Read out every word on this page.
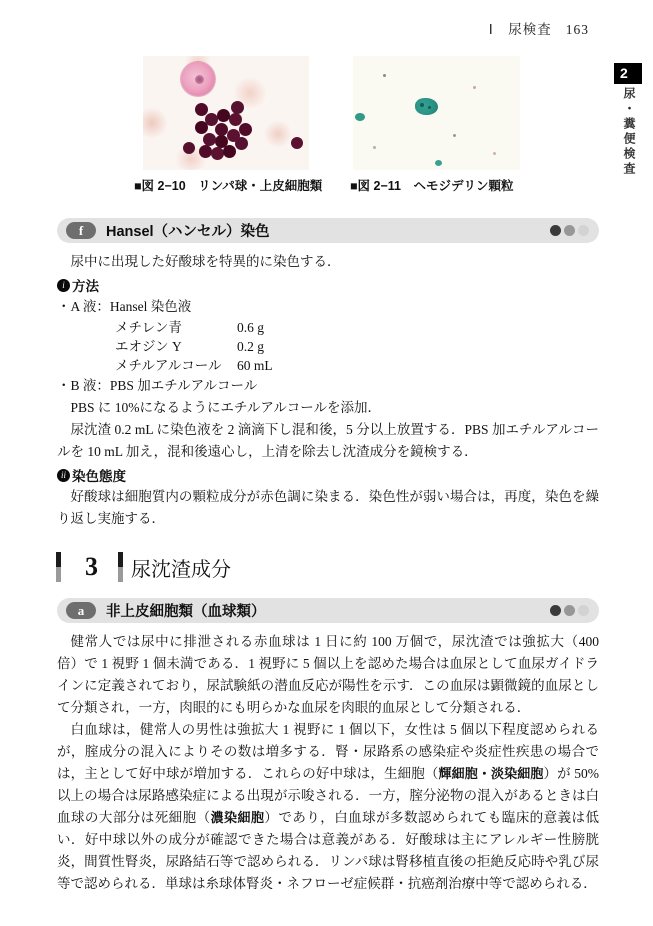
Ⅰ　尿検査 163
2
尿・糞便検査
■図 2−10　リンパ球・上皮細胞類 ■図 2−11　ヘモジデリン顆粒
f	Hansel（ハンセル）染色

尿中に出現した好酸球を特異的に染色する．

i 方法
・A 液：Hansel 染色液
メチレン青	0.6 g
エオジン Y	0.2 g
メチルアルコール	60 mL
・B 液：PBS 加エチルアルコール

PBS に 10%になるようにエチルアルコールを添加．

尿沈渣 0.2 mL に染色液を 2 滴滴下し混和後，5 分以上放置する．PBS 加エチルアルコールを 10 mL 加え，混和後遠心し，上清を除去し沈渣成分を鏡検する．

ii 染色態度

好酸球は細胞質内の顆粒成分が赤色調に染まる．染色性が弱い場合は，再度，染色を繰り返し実施する．

3 尿沈渣成分
a	非上皮細胞類（血球類）

健常人では尿中に排泄される赤血球は 1 日に約 100 万個で，尿沈渣では強拡大（400 倍）で 1 視野 1 個未満である．1 視野に 5 個以上を認めた場合は血尿として血尿ガイドラインに定義されており，尿試験紙の潜血反応が陽性を示す．この血尿は顕微鏡的血尿として分類され，一方，肉眼的にも明らかな血尿を肉眼的血尿として分類される．

白血球は，健常人の男性は強拡大 1 視野に 1 個以下，女性は 5 個以下程度認められるが，腟成分の混入によりその数は増多する．腎・尿路系の感染症や炎症性疾患の場合では，主として好中球が増加する．これらの好中球は，生細胞（輝細胞・淡染細胞）が 50%以上の場合は尿路感染症による出現が示唆される．一方，腟分泌物の混入があるときは白血球の大部分は死細胞（濃染細胞）であり，白血球が多数認められても臨床的意義は低い．好中球以外の成分が確認できた場合は意義がある．好酸球は主にアレルギー性膀胱炎，間質性腎炎，尿路結石等で認められる．リンパ球は腎移植直後の拒絶反応時や乳び尿等で認められる．単球は糸球体腎炎・ネフローゼ症候群・抗癌剤治療中等で認められる．
